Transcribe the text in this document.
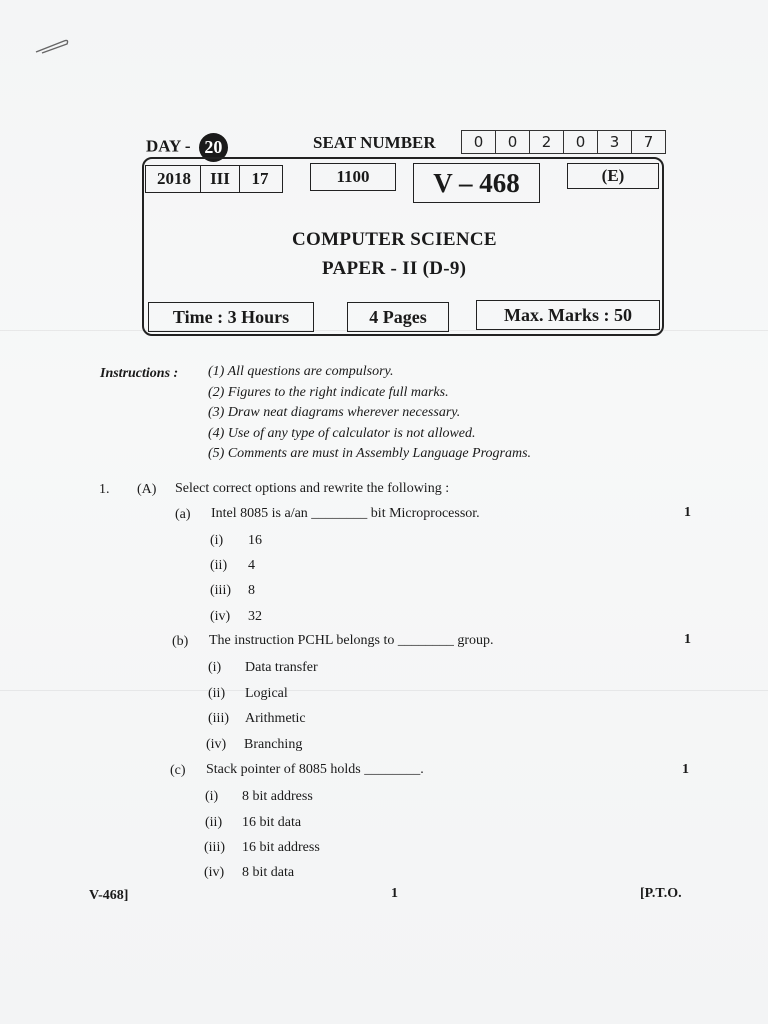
DAY - 20	SEAT NUMBER	0	0	2	0	3	7
2018 III 17	1100	V – 468	(E)
COMPUTER SCIENCE
PAPER - II (D-9)
Time : 3 Hours	4 Pages	Max. Marks : 50
Instructions : (1) All questions are compulsory.
(2) Figures to the right indicate full marks.
(3) Draw neat diagrams wherever necessary.
(4) Use of any type of calculator is not allowed.
(5) Comments are must in Assembly Language Programs.
1. (A) Select correct options and rewrite the following :
(a) Intel 8085 is a/an ________ bit Microprocessor.	1
(i) 16
(ii) 4
(iii) 8
(iv) 32
(b) The instruction PCHL belongs to ________ group.	1
(i) Data transfer
(ii) Logical
(iii) Arithmetic
(iv) Branching
(c) Stack pointer of 8085 holds ________.	1
(i) 8 bit address
(ii) 16 bit data
(iii) 16 bit address
(iv) 8 bit data
V-468]	1	[P.T.O.
